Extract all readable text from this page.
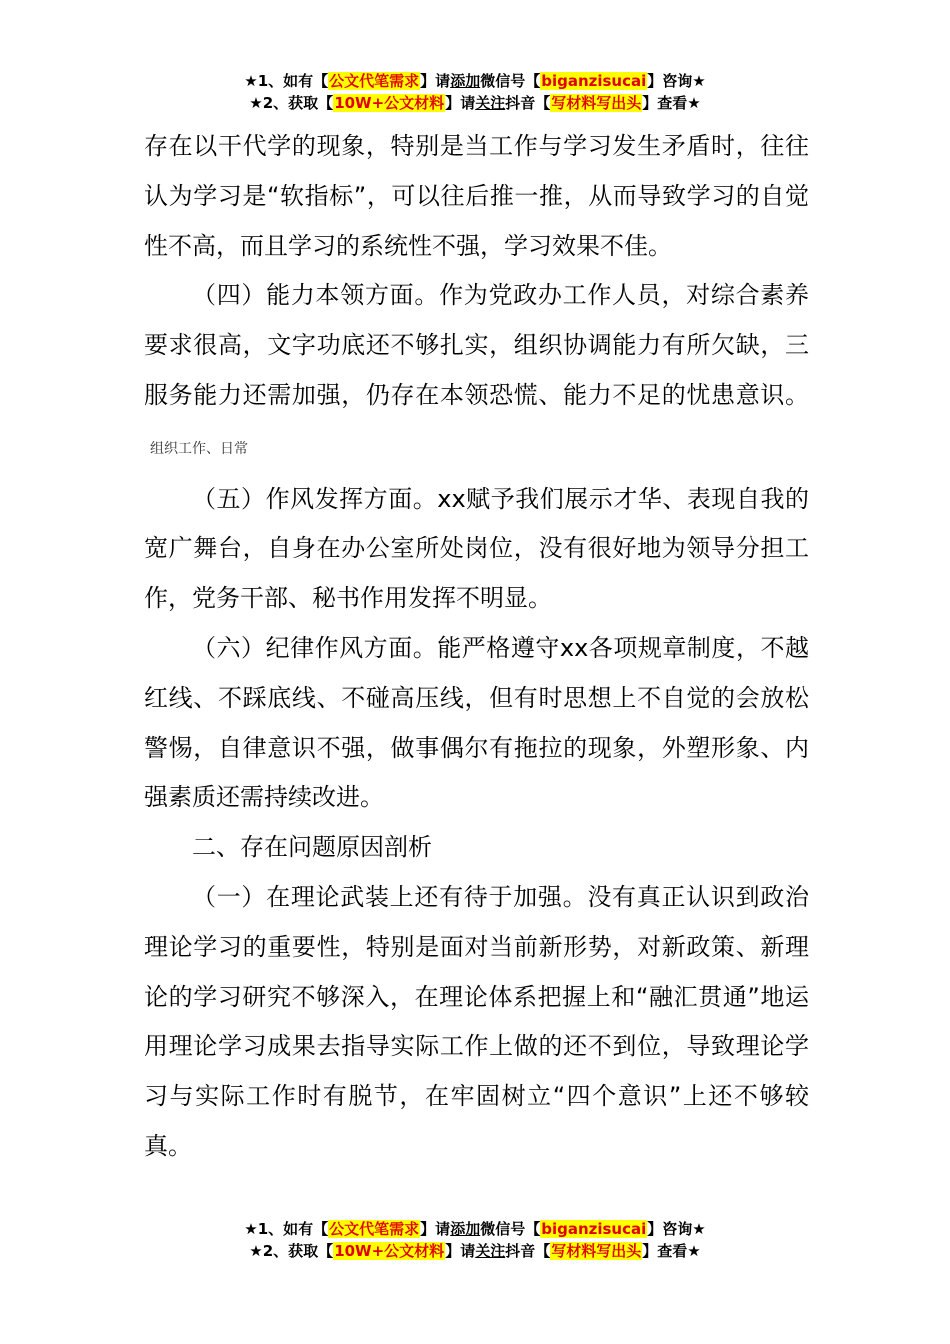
★1、如有【公文代笔需求】请添加微信号【biganzisucai】咨询★
★2、获取【10W+公文材料】请关注抖音【写材料写出头】查看★

存在以干代学的现象，特别是当工作与学习发生矛盾时，往往认为学习是“软指标”，可以往后推一推，从而导致学习的自觉性不高，而且学习的系统性不强，学习效果不佳。

（四）能力本领方面。作为党政办工作人员，对综合素养要求很高，文字功底还不够扎实，组织协调能力有所欠缺，三服务能力还需加强，仍存在本领恐慌、能力不足的忧患意识。组织工作、日常

（五）作风发挥方面。xx赋予我们展示才华、表现自我的宽广舞台，自身在办公室所处岗位，没有很好地为领导分担工作，党务干部、秘书作用发挥不明显。

（六）纪律作风方面。能严格遵守xx各项规章制度，不越红线、不踩底线、不碰高压线，但有时思想上不自觉的会放松警惕，自律意识不强，做事偶尔有拖拉的现象，外塑形象、内强素质还需持续改进。

二、存在问题原因剖析

（一）在理论武装上还有待于加强。没有真正认识到政治理论学习的重要性，特别是面对当前新形势，对新政策、新理论的学习研究不够深入，在理论体系把握上和“融汇贯通”地运用理论学习成果去指导实际工作上做的还不到位，导致理论学习与实际工作时有脱节，在牢固树立“四个意识”上还不够较真。

★1、如有【公文代笔需求】请添加微信号【biganzisucai】咨询★
★2、获取【10W+公文材料】请关注抖音【写材料写出头】查看★
